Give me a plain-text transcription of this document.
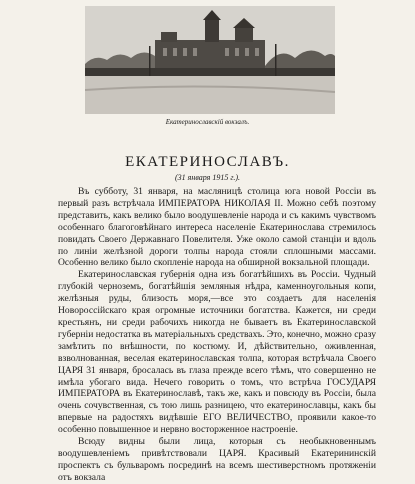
Екатеринославскій вокзалъ.
ЕКАТЕРИНОСЛАВЪ.
(31 января 1915 г.).

Въ субботу, 31 января, на масляницѣ столица юга новой Россіи въ первый разъ встрѣчала ИМПЕРАТОРА НИКОЛАЯ II. Можно себѣ поэтому представить, какъ велико было воодушевленіе народа и съ какимъ чувствомъ особеннаго благоговѣйнаго интереса населеніе Екатеринослава стремилось повидать Своего Державнаго Повелителя. Уже около самой станціи и вдоль по линіи желѣзной дороги толпы народа стояли сплошными массами. Особенно велико было скопленіе народа на обширной вокзальной площади.

Екатеринославская губернія одна изъ богатѣйшихъ въ Россіи. Чудный глубокій черноземъ, богатѣйшія земляныя нѣдра, каменноугольныя копи, желѣзныя руды, близость моря,—все это создаетъ для населенія Новороссійскаго края огромные источники богатства. Кажется, ни среди крестьянъ, ни среди рабочихъ никогда не бываетъ въ Екатеринославской губерніи недостатка въ матеріальныхъ средствахъ. Это, конечно, можно сразу замѣтить по внѣшности, по костюму. И, дѣйствительно, оживленная, взволнованная, веселая екатеринославская толпа, которая встрѣчала Своего ЦАРЯ 31 января, бросалась въ глаза прежде всего тѣмъ, что совершенно не имѣла убогаго вида. Нечего говорить о томъ, что встрѣча ГОСУДАРЯ ИМПЕРАТОРА въ Екатеринославѣ, такъ же, какъ и повсюду въ Россіи, была очень сочувственная, съ тою лишь разницею, что екатеринославцы, какъ бы впервые на радостяхъ видѣвшіе ЕГО ВЕЛИЧЕСТВО, проявили какое-то особенно повышенное и нервно восторженное настроеніе.

Всюду видны были лица, которыя съ необыкновеннымъ воодушевленіемъ привѣтствовали ЦАРЯ. Красивый Екатерининскій проспектъ съ бульваромъ посрединѣ на всемъ шестиверстномъ протяженіи отъ вокзала
